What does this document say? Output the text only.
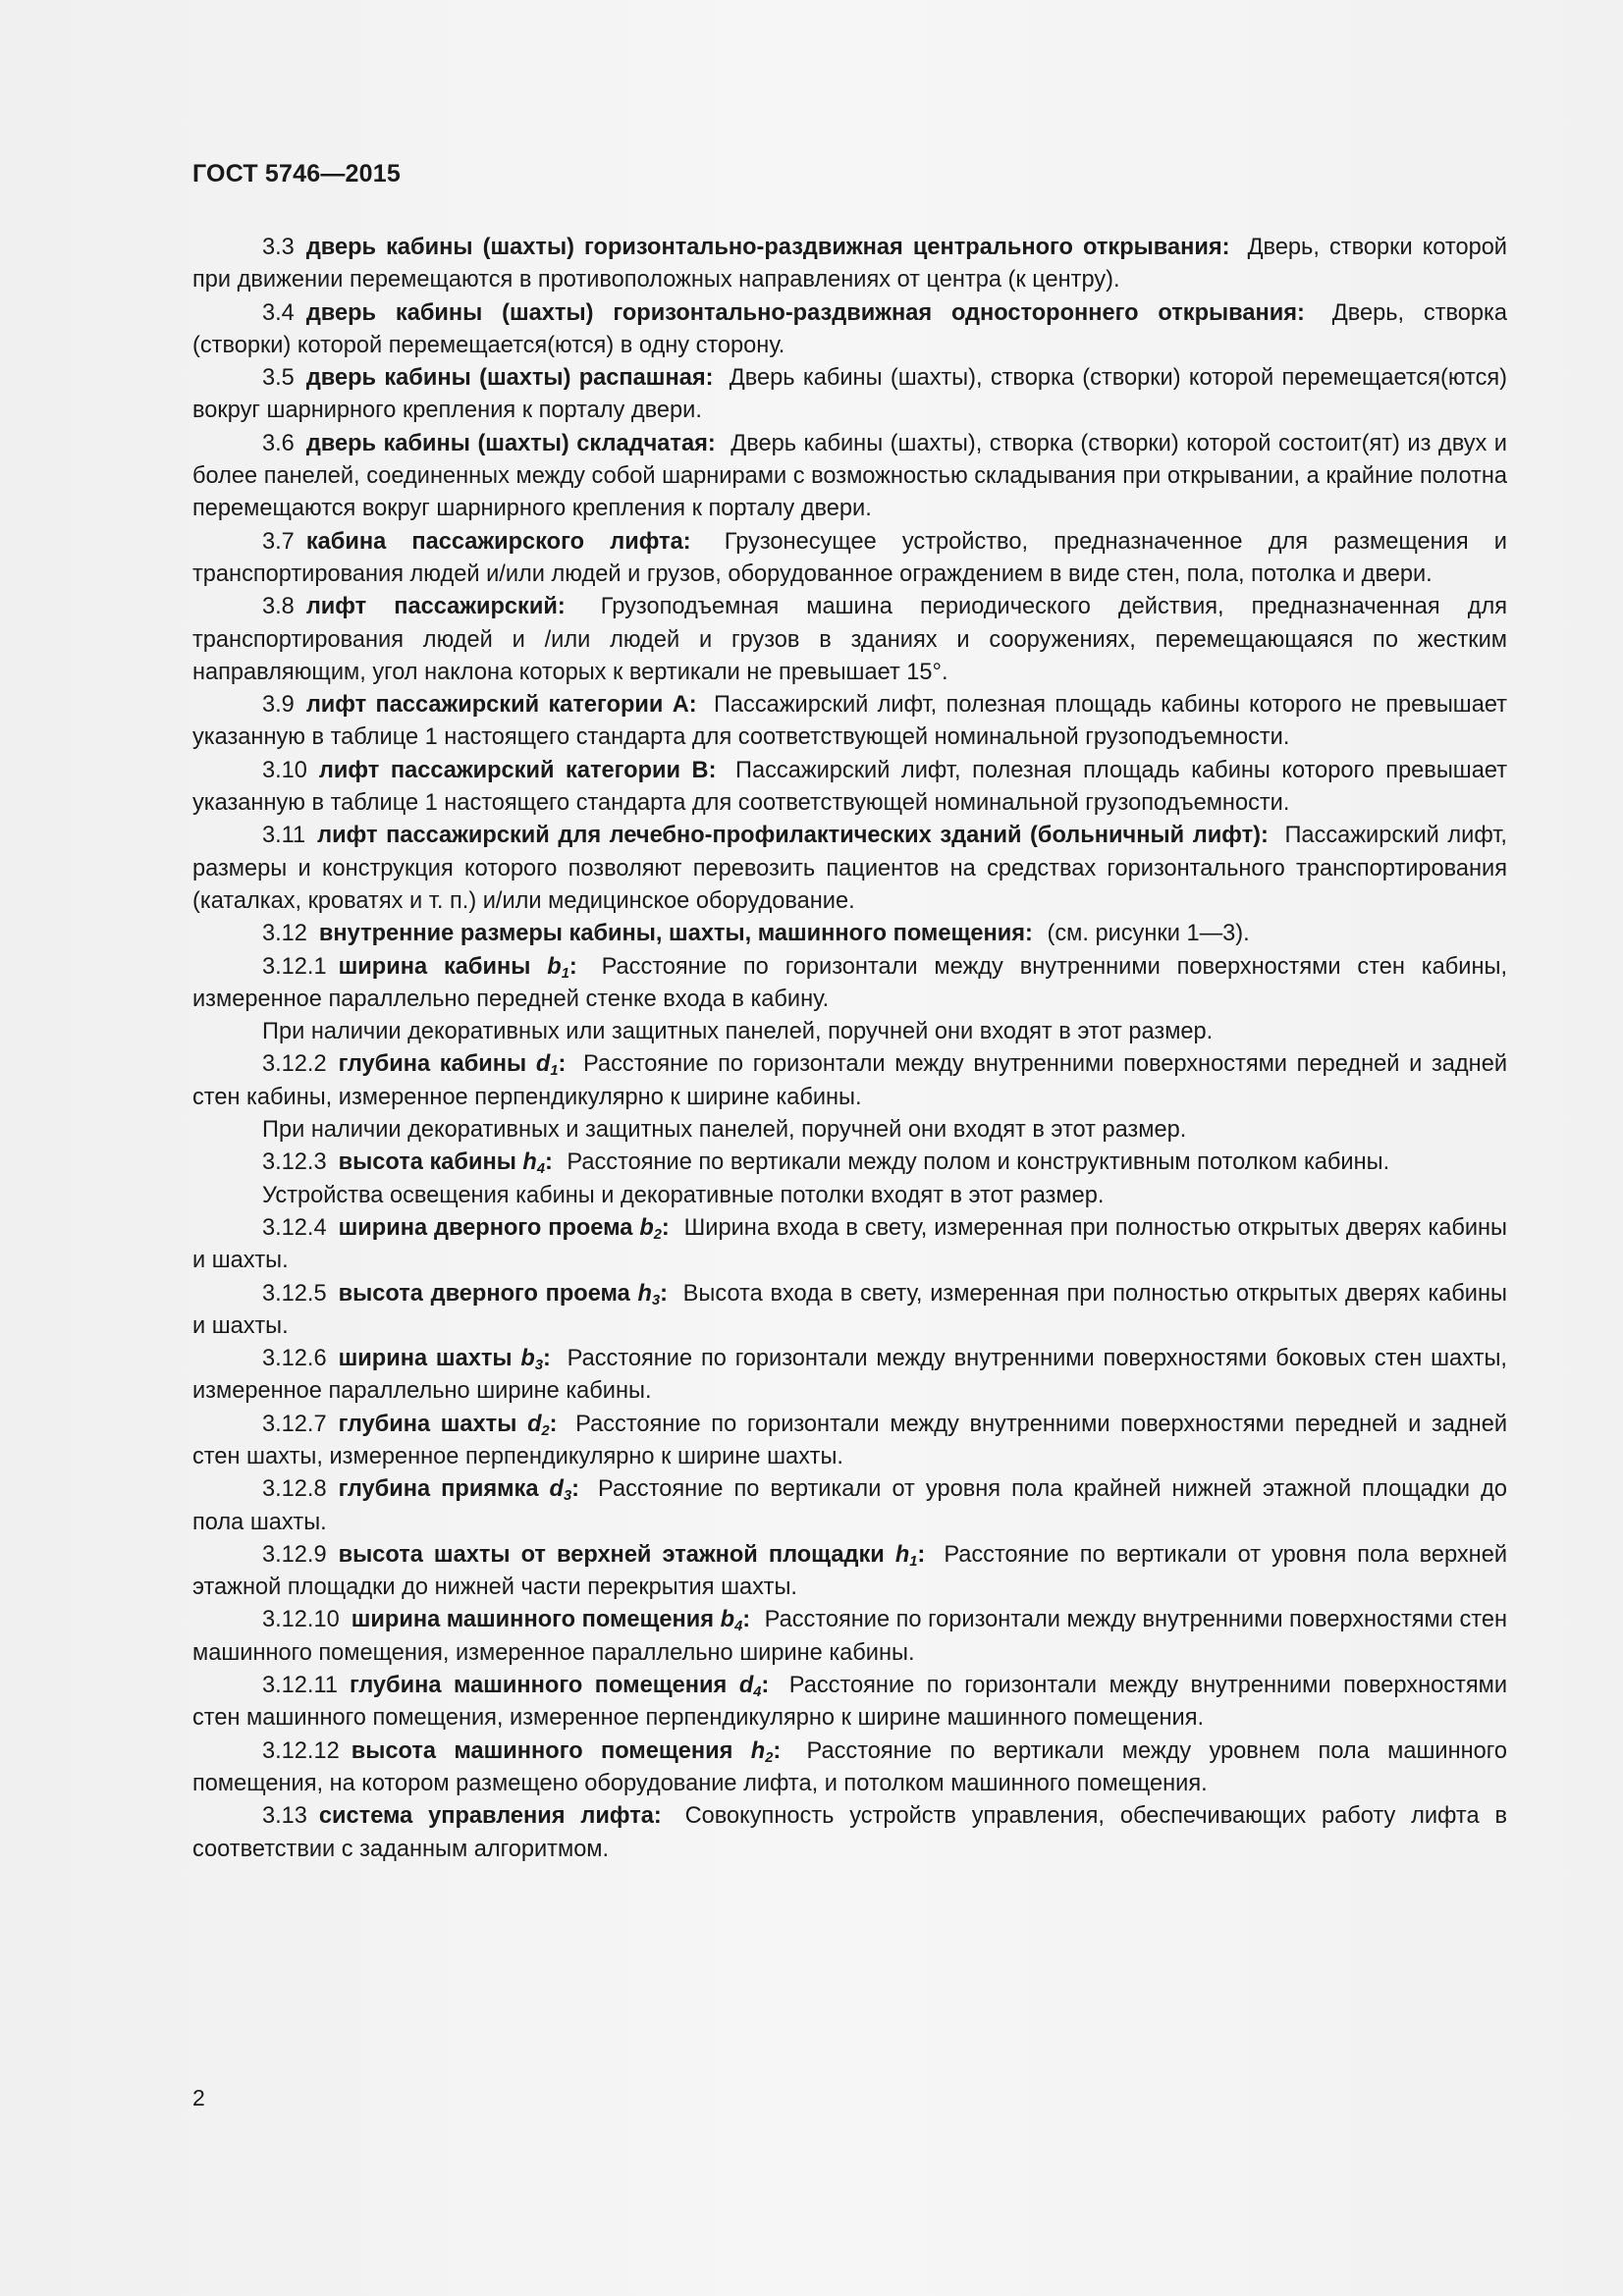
ГОСТ 5746—2015

3.3 дверь кабины (шахты) горизонтально-раздвижная центрального открывания: Дверь, створки которой при движении перемещаются в противоположных направлениях от центра (к центру).

3.4 дверь кабины (шахты) горизонтально-раздвижная одностороннего открывания: Дверь, створка (створки) которой перемещается(ются) в одну сторону.

3.5 дверь кабины (шахты) распашная: Дверь кабины (шахты), створка (створки) которой перемещается(ются) вокруг шарнирного крепления к порталу двери.

3.6 дверь кабины (шахты) складчатая: Дверь кабины (шахты), створка (створки) которой состоит(ят) из двух и более панелей, соединенных между собой шарнирами с возможностью складывания при открывании, а крайние полотна перемещаются вокруг шарнирного крепления к порталу двери.

3.7 кабина пассажирского лифта: Грузонесущее устройство, предназначенное для размещения и транспортирования людей и/или людей и грузов, оборудованное ограждением в виде стен, пола, потолка и двери.

3.8 лифт пассажирский: Грузоподъемная машина периодического действия, предназначенная для транспортирования людей и /или людей и грузов в зданиях и сооружениях, перемещающаяся по жестким направляющим, угол наклона которых к вертикали не превышает 15°.

3.9 лифт пассажирский категории А: Пассажирский лифт, полезная площадь кабины которого не превышает указанную в таблице 1 настоящего стандарта для соответствующей номинальной грузоподъемности.

3.10 лифт пассажирский категории В: Пассажирский лифт, полезная площадь кабины которого превышает указанную в таблице 1 настоящего стандарта для соответствующей номинальной грузоподъемности.

3.11 лифт пассажирский для лечебно-профилактических зданий (больничный лифт): Пассажирский лифт, размеры и конструкция которого позволяют перевозить пациентов на средствах горизонтального транспортирования (каталках, кроватях и т. п.) и/или медицинское оборудование.

3.12 внутренние размеры кабины, шахты, машинного помещения: (см. рисунки 1—3).

3.12.1 ширина кабины $b_1$: Расстояние по горизонтали между внутренними поверхностями стен кабины, измеренное параллельно передней стенке входа в кабину.

При наличии декоративных или защитных панелей, поручней они входят в этот размер.

3.12.2 глубина кабины $d_1$: Расстояние по горизонтали между внутренними поверхностями передней и задней стен кабины, измеренное перпендикулярно к ширине кабины.

При наличии декоративных и защитных панелей, поручней они входят в этот размер.

3.12.3 высота кабины $h_4$: Расстояние по вертикали между полом и конструктивным потолком кабины.

Устройства освещения кабины и декоративные потолки входят в этот размер.

3.12.4 ширина дверного проема $b_2$: Ширина входа в свету, измеренная при полностью открытых дверях кабины и шахты.

3.12.5 высота дверного проема $h_3$: Высота входа в свету, измеренная при полностью открытых дверях кабины и шахты.

3.12.6 ширина шахты $b_3$: Расстояние по горизонтали между внутренними поверхностями боковых стен шахты, измеренное параллельно ширине кабины.

3.12.7 глубина шахты $d_2$: Расстояние по горизонтали между внутренними поверхностями передней и задней стен шахты, измеренное перпендикулярно к ширине шахты.

3.12.8 глубина приямка $d_3$: Расстояние по вертикали от уровня пола крайней нижней этажной площадки до пола шахты.

3.12.9 высота шахты от верхней этажной площадки $h_1$: Расстояние по вертикали от уровня пола верхней этажной площадки до нижней части перекрытия шахты.

3.12.10 ширина машинного помещения $b_4$: Расстояние по горизонтали между внутренними поверхностями стен машинного помещения, измеренное параллельно ширине кабины.

3.12.11 глубина машинного помещения $d_4$: Расстояние по горизонтали между внутренними поверхностями стен машинного помещения, измеренное перпендикулярно к ширине машинного помещения.

3.12.12 высота машинного помещения $h_2$: Расстояние по вертикали между уровнем пола машинного помещения, на котором размещено оборудование лифта, и потолком машинного помещения.

3.13 система управления лифта: Совокупность устройств управления, обеспечивающих работу лифта в соответствии с заданным алгоритмом.

2
